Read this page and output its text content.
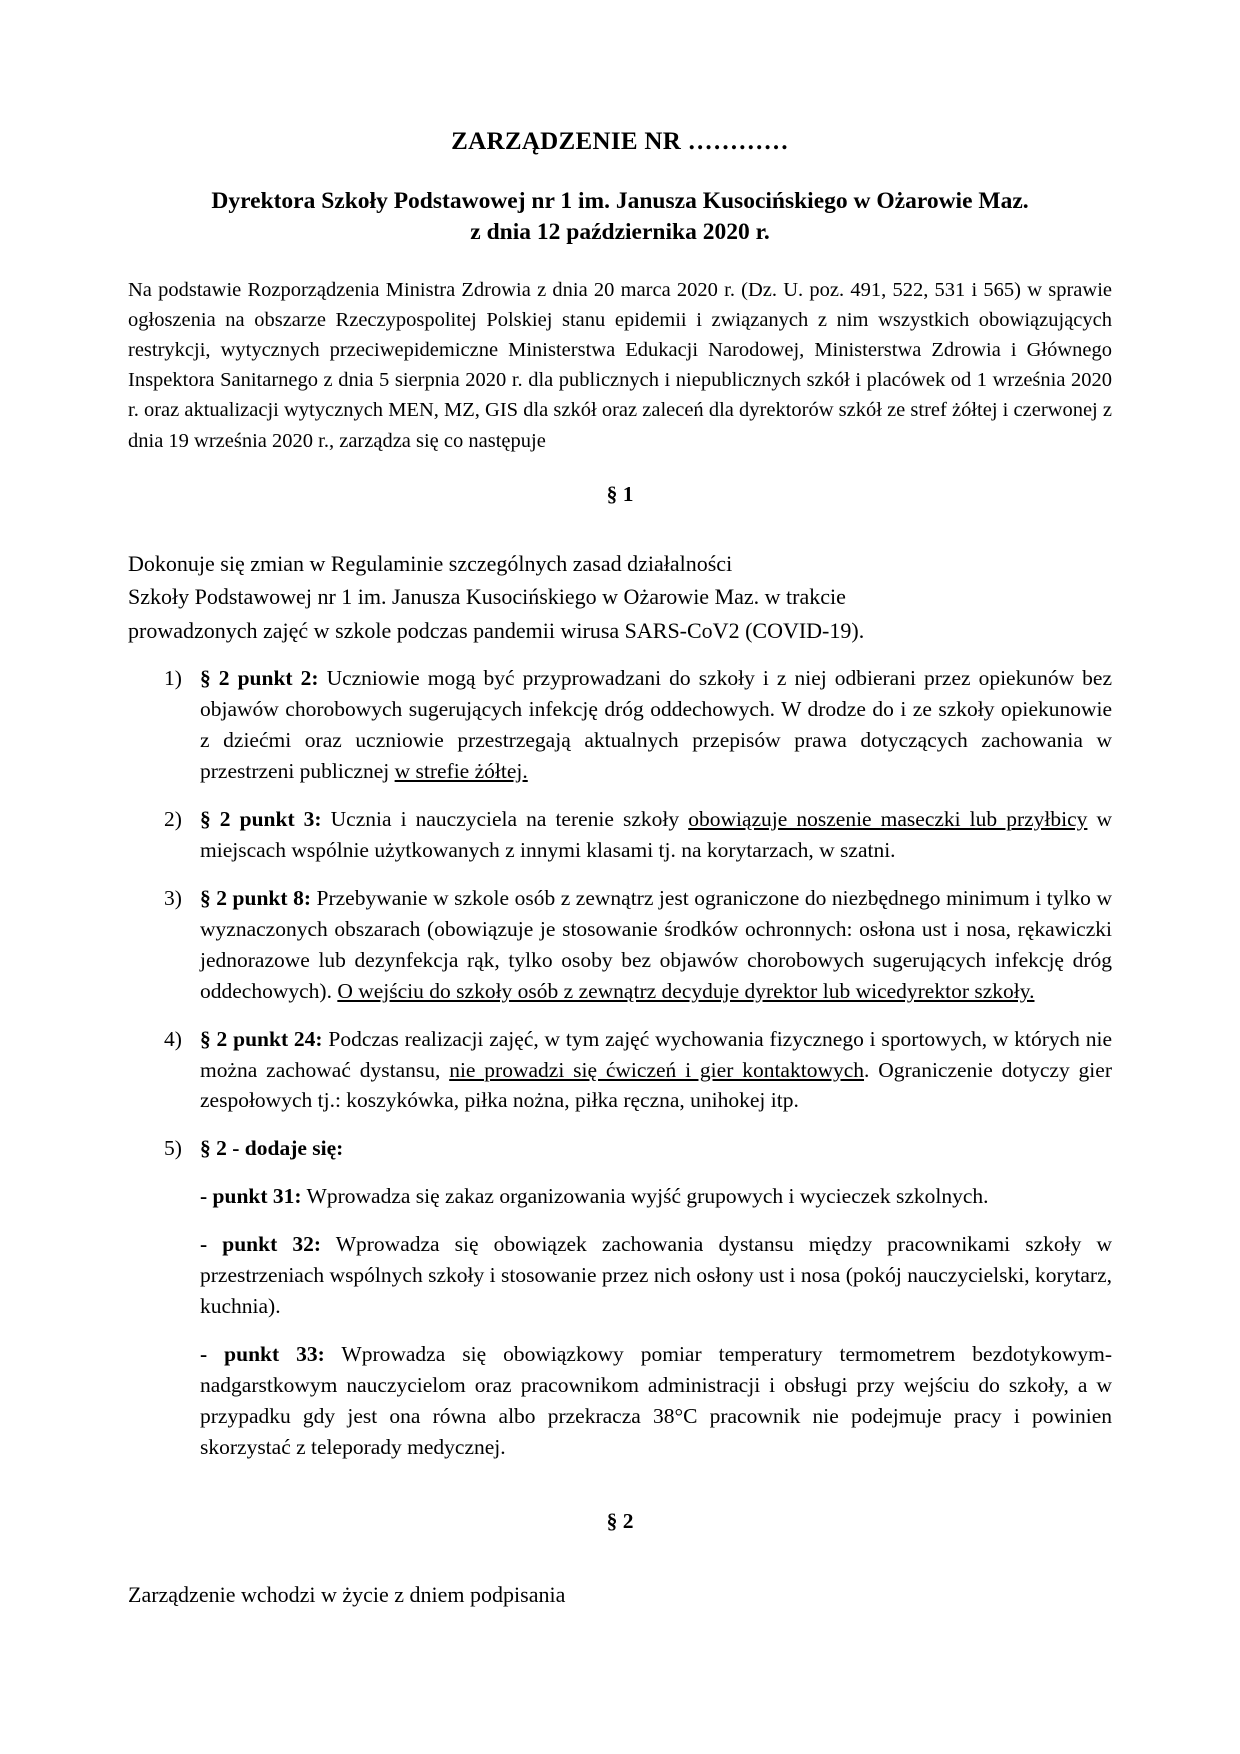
ZARZĄDZENIE NR …………
Dyrektora Szkoły Podstawowej nr 1 im. Janusza Kusocińskiego w Ożarowie Maz.
z dnia 12 października 2020 r.

Na podstawie Rozporządzenia Ministra Zdrowia z dnia 20 marca 2020 r. (Dz. U. poz. 491, 522, 531 i 565) w sprawie ogłoszenia na obszarze Rzeczypospolitej Polskiej stanu epidemii i związanych z nim wszystkich obowiązujących restrykcji, wytycznych przeciwepidemiczne Ministerstwa Edukacji Narodowej, Ministerstwa Zdrowia i Głównego Inspektora Sanitarnego z dnia 5 sierpnia 2020 r. dla publicznych i niepublicznych szkół i placówek od 1 września 2020 r. oraz aktualizacji wytycznych MEN, MZ, GIS dla szkół oraz zaleceń dla dyrektorów szkół ze stref żółtej i czerwonej z dnia 19 września 2020 r., zarządza się co następuje

§ 1
Dokonuje się zmian w Regulaminie szczególnych zasad działalności
Szkoły Podstawowej nr 1 im. Janusza Kusocińskiego w Ożarowie Maz. w trakcie
prowadzonych zajęć w szkole podczas pandemii wirusa SARS-CoV2 (COVID-19).
1) § 2 punkt 2: Uczniowie mogą być przyprowadzani do szkoły i z niej odbierani przez opiekunów bez objawów chorobowych sugerujących infekcję dróg oddechowych. W drodze do i ze szkoły opiekunowie z dziećmi oraz uczniowie przestrzegają aktualnych przepisów prawa dotyczących zachowania w przestrzeni publicznej w strefie żółtej.
2) § 2 punkt 3: Ucznia i nauczyciela na terenie szkoły obowiązuje noszenie maseczki lub przyłbicy w miejscach wspólnie użytkowanych z innymi klasami tj. na korytarzach, w szatni.
3) § 2 punkt 8: Przebywanie w szkole osób z zewnątrz jest ograniczone do niezbędnego minimum i tylko w wyznaczonych obszarach (obowiązuje je stosowanie środków ochronnych: osłona ust i nosa, rękawiczki jednorazowe lub dezynfekcja rąk, tylko osoby bez objawów chorobowych sugerujących infekcję dróg oddechowych). O wejściu do szkoły osób z zewnątrz decyduje dyrektor lub wicedyrektor szkoły.
4) § 2 punkt 24: Podczas realizacji zajęć, w tym zajęć wychowania fizycznego i sportowych, w których nie można zachować dystansu, nie prowadzi się ćwiczeń i gier kontaktowych. Ograniczenie dotyczy gier zespołowych tj.: koszykówka, piłka nożna, piłka ręczna, unihokej itp.
5) § 2 - dodaje się:
- punkt 31: Wprowadza się zakaz organizowania wyjść grupowych i wycieczek szkolnych.
- punkt 32: Wprowadza się obowiązek zachowania dystansu między pracownikami szkoły w przestrzeniach wspólnych szkoły i stosowanie przez nich osłony ust i nosa (pokój nauczycielski, korytarz, kuchnia).
- punkt 33: Wprowadza się obowiązkowy pomiar temperatury termometrem bezdotykowym- nadgarstkowym nauczycielom oraz pracownikom administracji i obsługi przy wejściu do szkoły, a w przypadku gdy jest ona równa albo przekracza 38°C pracownik nie podejmuje pracy i powinien skorzystać z teleporady medycznej.
§ 2

Zarządzenie wchodzi w życie z dniem podpisania
